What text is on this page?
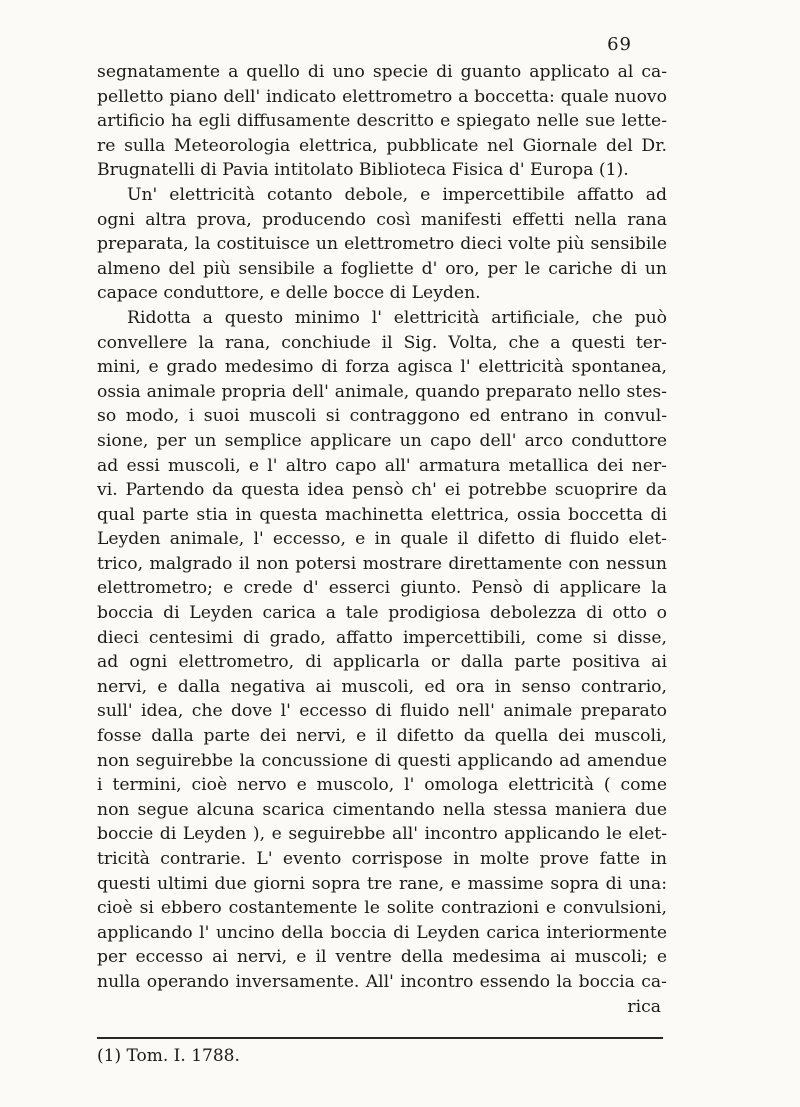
69
segnatamente a quello di uno specie di guanto applicato al ca-
pelletto piano dell' indicato elettrometro a boccetta: quale nuovo
artificio ha egli diffusamente descritto e spiegato nelle sue lette-
re sulla Meteorologia elettrica, pubblicate nel Giornale del Dr.
Brugnatelli di Pavia intitolato Biblioteca Fisica d' Europa (1).
Un' elettricità cotanto debole, e impercettibile affatto ad
ogni altra prova, producendo così manifesti effetti nella rana
preparata, la costituisce un elettrometro dieci volte più sensibile
almeno del più sensibile a fogliette d' oro, per le cariche di un
capace conduttore, e delle bocce di Leyden.
Ridotta a questo minimo l' elettricità artificiale, che può
convellere la rana, conchiude il Sig. Volta, che a questi ter-
mini, e grado medesimo di forza agisca l' elettricità spontanea,
ossia animale propria dell' animale, quando preparato nello stes-
so modo, i suoi muscoli si contraggono ed entrano in convul-
sione, per un semplice applicare un capo dell' arco conduttore
ad essi muscoli, e l' altro capo all' armatura metallica dei ner-
vi. Partendo da questa idea pensò ch' ei potrebbe scuoprire da
qual parte stia in questa machinetta elettrica, ossia boccetta di
Leyden animale, l' eccesso, e in quale il difetto di fluido elet-
trico, malgrado il non potersi mostrare direttamente con nessun
elettrometro; e crede d' esserci giunto. Pensò di applicare la
boccia di Leyden carica a tale prodigiosa debolezza di otto o
dieci centesimi di grado, affatto impercettibili, come si disse,
ad ogni elettrometro, di applicarla or dalla parte positiva ai
nervi, e dalla negativa ai muscoli, ed ora in senso contrario,
sull' idea, che dove l' eccesso di fluido nell' animale preparato
fosse dalla parte dei nervi, e il difetto da quella dei muscoli,
non seguirebbe la concussione di questi applicando ad amendue
i termini, cioè nervo e muscolo, l' omologa elettricità ( come
non segue alcuna scarica cimentando nella stessa maniera due
boccie di Leyden ), e seguirebbe all' incontro applicando le elet-
tricità contrarie. L' evento corrispose in molte prove fatte in
questi ultimi due giorni sopra tre rane, e massime sopra di una:
cioè si ebbero costantemente le solite contrazioni e convulsioni,
applicando l' uncino della boccia di Leyden carica interiormente
per eccesso ai nervi, e il ventre della medesima ai muscoli; e
nulla operando inversamente. All' incontro essendo la boccia ca-
rica
(1) Tom. I. 1788.
